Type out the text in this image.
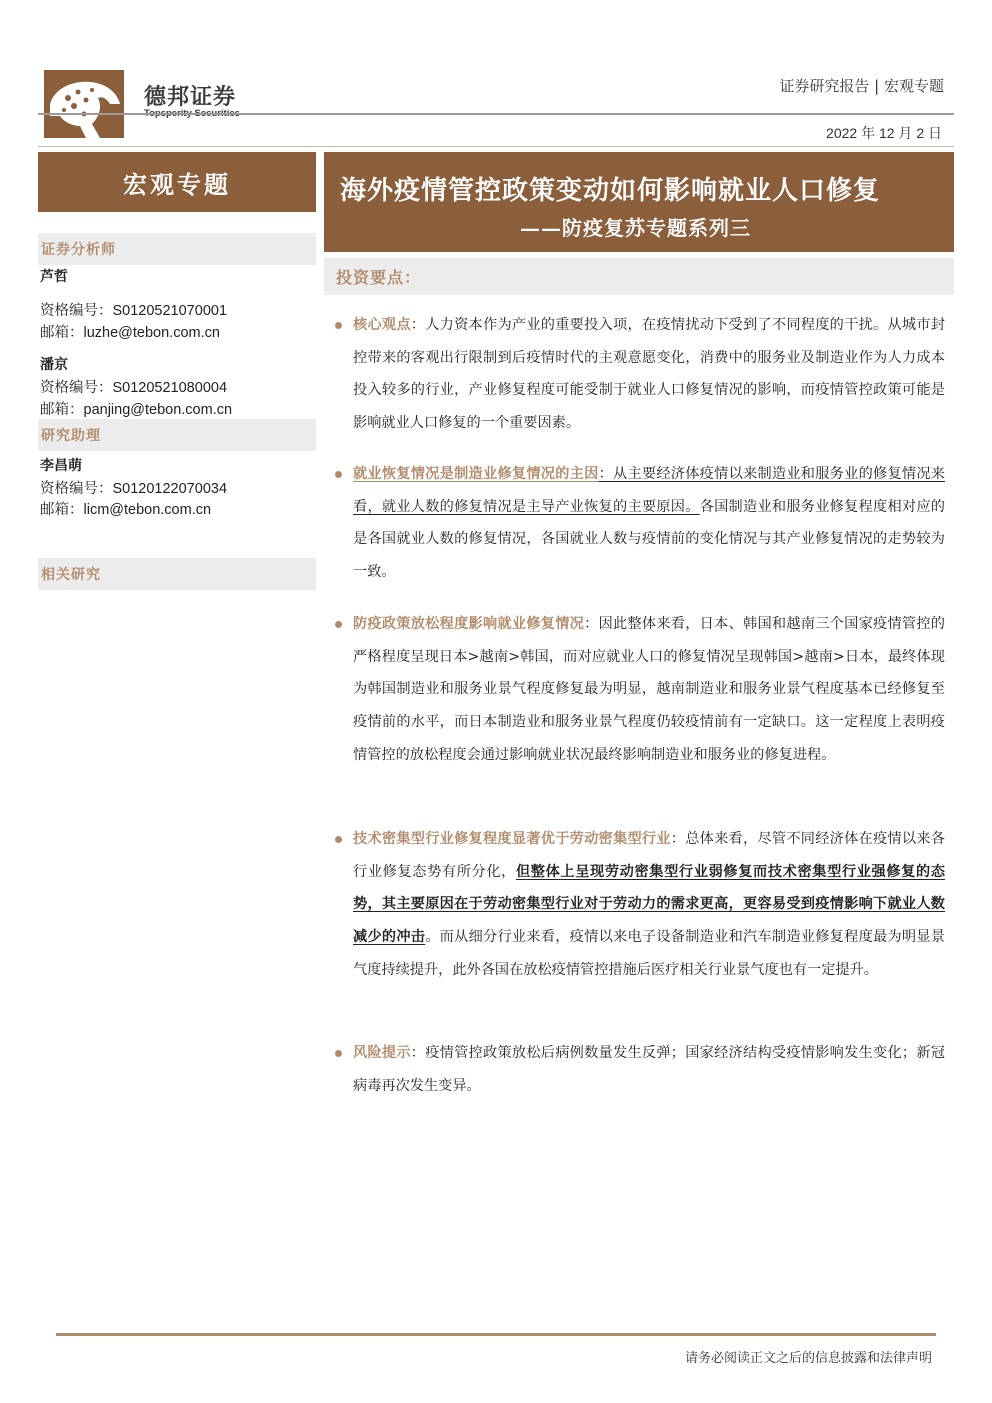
德邦证券	证券研究报告 | 宏观专题
2022 年 12 月 2 日
宏观专题
证券分析师
芦哲
资格编号：S0120521070001
邮箱：luzhe@tebon.com.cn
潘京
资格编号：S0120521080004
邮箱：panjing@tebon.com.cn
研究助理
李昌萌
资格编号：S0120122070034
邮箱：licm@tebon.com.cn
相关研究
海外疫情管控政策变动如何影响就业人口修复
——防疫复苏专题系列三
投资要点：
核心观点：人力资本作为产业的重要投入项，在疫情扰动下受到了不同程度的干扰。从城市封控带来的客观出行限制到后疫情时代的主观意愿变化，消费中的服务业及制造业作为人力成本投入较多的行业，产业修复程度可能受制于就业人口修复情况的影响，而疫情管控政策可能是影响就业人口修复的一个重要因素。
就业恢复情况是制造业修复情况的主因：从主要经济体疫情以来制造业和服务业的修复情况来看，就业人数的修复情况是主导产业恢复的主要原因。各国制造业和服务业修复程度相对应的是各国就业人数的修复情况，各国就业人数与疫情前的变化情况与其产业修复情况的走势较为一致。
防疫政策放松程度影响就业修复情况：因此整体来看，日本、韩国和越南三个国家疫情管控的严格程度呈现日本>越南>韩国，而对应就业人口的修复情况呈现韩国>越南>日本，最终体现为韩国制造业和服务业景气程度修复最为明显，越南制造业和服务业景气程度基本已经修复至疫情前的水平，而日本制造业和服务业景气程度仍较疫情前有一定缺口。这一定程度上表明疫情管控的放松程度会通过影响就业状况最终影响制造业和服务业的修复进程。
技术密集型行业修复程度显著优于劳动密集型行业：总体来看，尽管不同经济体在疫情以来各行业修复态势有所分化，但整体上呈现劳动密集型行业弱修复而技术密集型行业强修复的态势，其主要原因在于劳动密集型行业对于劳动力的需求更高，更容易受到疫情影响下就业人数减少的冲击。而从细分行业来看，疫情以来电子设备制造业和汽车制造业修复程度最为明显景气度持续提升，此外各国在放松疫情管控措施后医疗相关行业景气度也有一定提升。
风险提示：疫情管控政策放松后病例数量发生反弹；国家经济结构受疫情影响发生变化；新冠病毒再次发生变异。
请务必阅读正文之后的信息披露和法律声明
